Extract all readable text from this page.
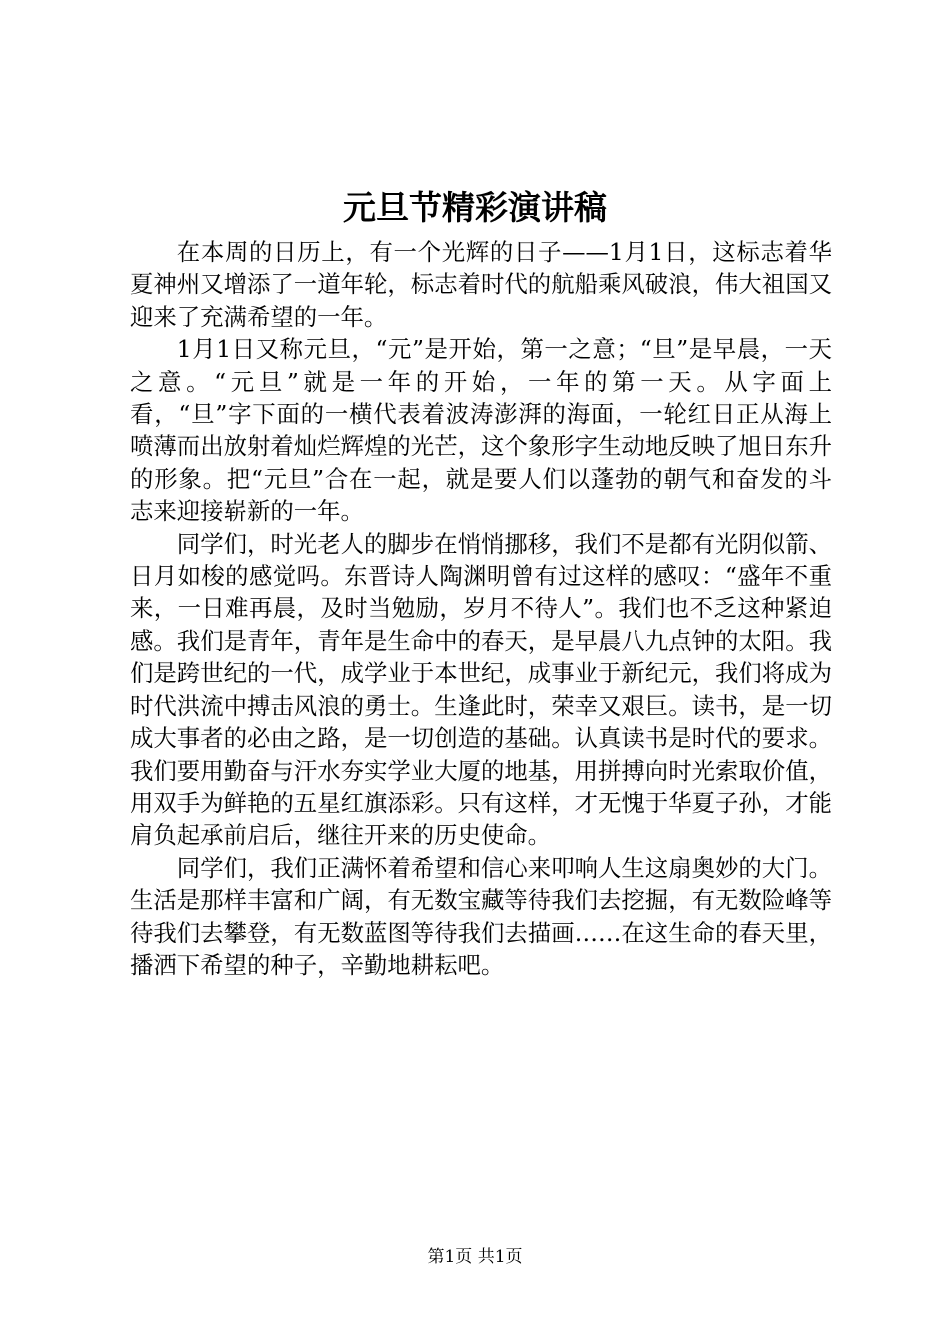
元旦节精彩演讲稿

在本周的日历上，有一个光辉的日子——1月1日，这标志着华夏神州又增添了一道年轮，标志着时代的航船乘风破浪，伟大祖国又迎来了充满希望的一年。

1月1日又称元旦，“元”是开始，第一之意；“旦”是早晨，一天之意。“元旦”就是一年的开始，一年的第一天。从字面上看，“旦”字下面的一横代表着波涛澎湃的海面，一轮红日正从海上喷薄而出放射着灿烂辉煌的光芒，这个象形字生动地反映了旭日东升的形象。把“元旦”合在一起，就是要人们以蓬勃的朝气和奋发的斗志来迎接崭新的一年。

同学们，时光老人的脚步在悄悄挪移，我们不是都有光阴似箭、日月如梭的感觉吗。东晋诗人陶渊明曾有过这样的感叹：“盛年不重来，一日难再晨，及时当勉励，岁月不待人”。我们也不乏这种紧迫感。我们是青年，青年是生命中的春天，是早晨八九点钟的太阳。我们是跨世纪的一代，成学业于本世纪，成事业于新纪元，我们将成为时代洪流中搏击风浪的勇士。生逢此时，荣幸又艰巨。读书，是一切成大事者的必由之路，是一切创造的基础。认真读书是时代的要求。我们要用勤奋与汗水夯实学业大厦的地基，用拼搏向时光索取价值，用双手为鲜艳的五星红旗添彩。只有这样，才无愧于华夏子孙，才能肩负起承前启后，继往开来的历史使命。

同学们，我们正满怀着希望和信心来叩响人生这扇奥妙的大门。生活是那样丰富和广阔，有无数宝藏等待我们去挖掘，有无数险峰等待我们去攀登，有无数蓝图等待我们去描画……在这生命的春天里，播洒下希望的种子，辛勤地耕耘吧。

第1页 共1页
